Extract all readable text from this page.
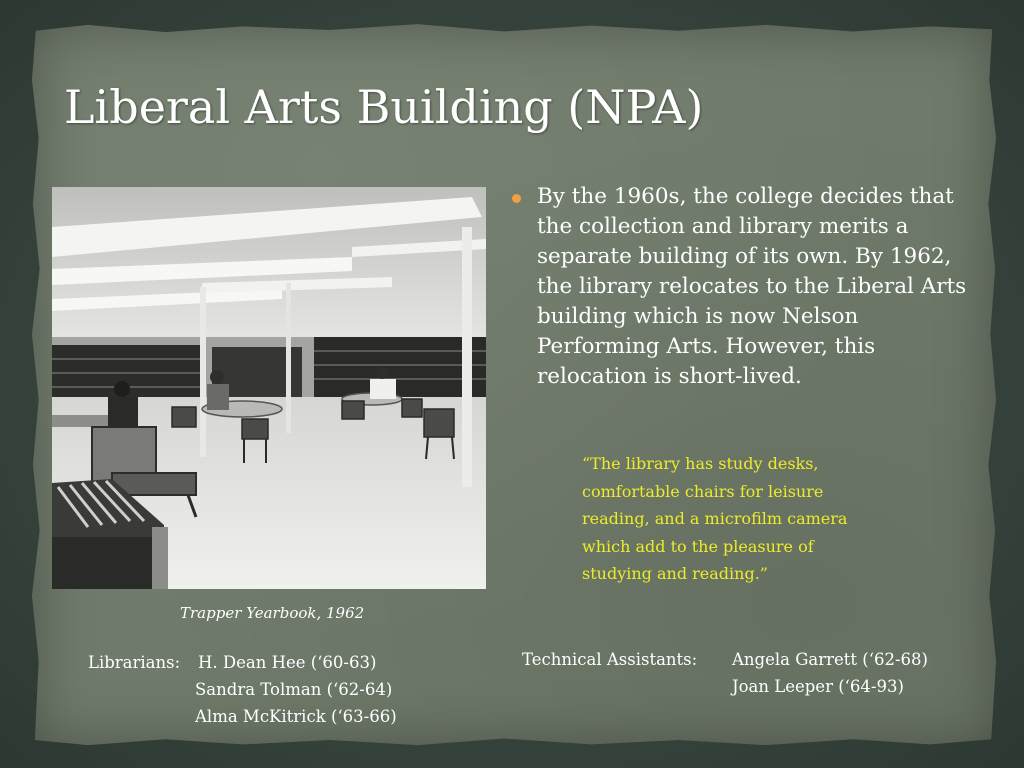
Liberal Arts Building (NPA)
Trapper Yearbook, 1962

By the 1960s, the college decides that the collection and library merits a separate building of its own. By 1962, the library relocates to the Liberal Arts building which is now Nelson Performing Arts. However, this relocation is short-lived.

“The library has study desks, comfortable chairs for leisure reading, and a microfilm camera which add to the pleasure of studying and reading.”
Librarians: H. Dean Hee (‘60-63)
Sandra Tolman (‘62-64)
Alma McKitrick (‘63-66)
Technical Assistants: Angela Garrett (‘62-68)
Joan Leeper (‘64-93)
